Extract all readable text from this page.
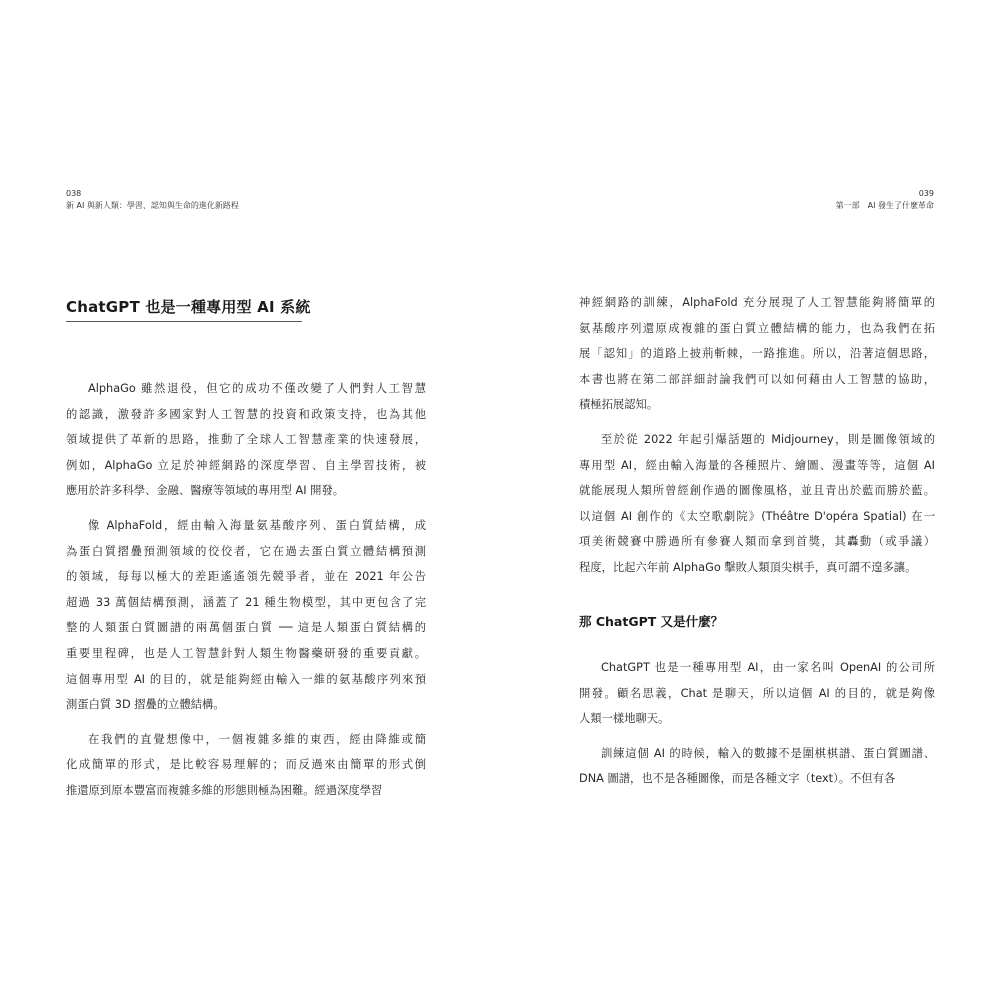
038
新 AI 與新人類：學習、認知與生命的進化新路程
ChatGPT 也是一種專用型 AI 系統
AlphaGo 雖然退役，但它的成功不僅改變了人們對人工智慧
的認識，激發許多國家對人工智慧的投資和政策支持，也為其他
領域提供了革新的思路，推動了全球人工智慧產業的快速發展，
例如，AlphaGo 立足於神經網路的深度學習、自主學習技術，被
應用於許多科學、金融、醫療等領域的專用型 AI 開發。
像 AlphaFold，經由輸入海量氨基酸序列、蛋白質結構，成
為蛋白質摺疊預測領域的佼佼者，它在過去蛋白質立體結構預測
的領域，每每以極大的差距遙遙領先競爭者，並在 2021 年公告
超過 33 萬個結構預測，涵蓋了 21 種生物模型，其中更包含了完
整的人類蛋白質圖譜的兩萬個蛋白質 ── 這是人類蛋白質結構的
重要里程碑，也是人工智慧針對人類生物醫藥研發的重要貢獻。
這個專用型 AI 的目的，就是能夠經由輸入一維的氨基酸序列來預
測蛋白質 3D 摺疊的立體結構。
在我們的直覺想像中，一個複雜多維的東西，經由降維或簡
化成簡單的形式，是比較容易理解的；而反過來由簡單的形式倒
推還原到原本豐富而複雜多維的形態則極為困難。經過深度學習
039
第一部　AI 發生了什麼革命
神經網路的訓練，AlphaFold 充分展現了人工智慧能夠將簡單的
氨基酸序列還原成複雜的蛋白質立體結構的能力，也為我們在拓
展「認知」的道路上披荊斬棘，一路推進。所以，沿著這個思路，
本書也將在第二部詳細討論我們可以如何藉由人工智慧的協助，
積極拓展認知。
至於從 2022 年起引爆話題的 Midjourney，則是圖像領域的
專用型 AI，經由輸入海量的各種照片、繪圖、漫畫等等，這個 AI
就能展現人類所曾經創作過的圖像風格，並且青出於藍而勝於藍。
以這個 AI 創作的《太空歌劇院》(Théâtre D'opéra Spatial) 在一
項美術競賽中勝過所有參賽人類而拿到首獎，其轟動（或爭議）
程度，比起六年前 AlphaGo 擊敗人類頂尖棋手，真可謂不遑多讓。
那 ChatGPT 又是什麼？
ChatGPT 也是一種專用型 AI，由一家名叫 OpenAI 的公司所
開發。顧名思義，Chat 是聊天，所以這個 AI 的目的，就是夠像
人類一樣地聊天。
訓練這個 AI 的時候，輸入的數據不是圍棋棋譜、蛋白質圖譜、
DNA 圖譜，也不是各種圖像，而是各種文字（text）。不但有各
